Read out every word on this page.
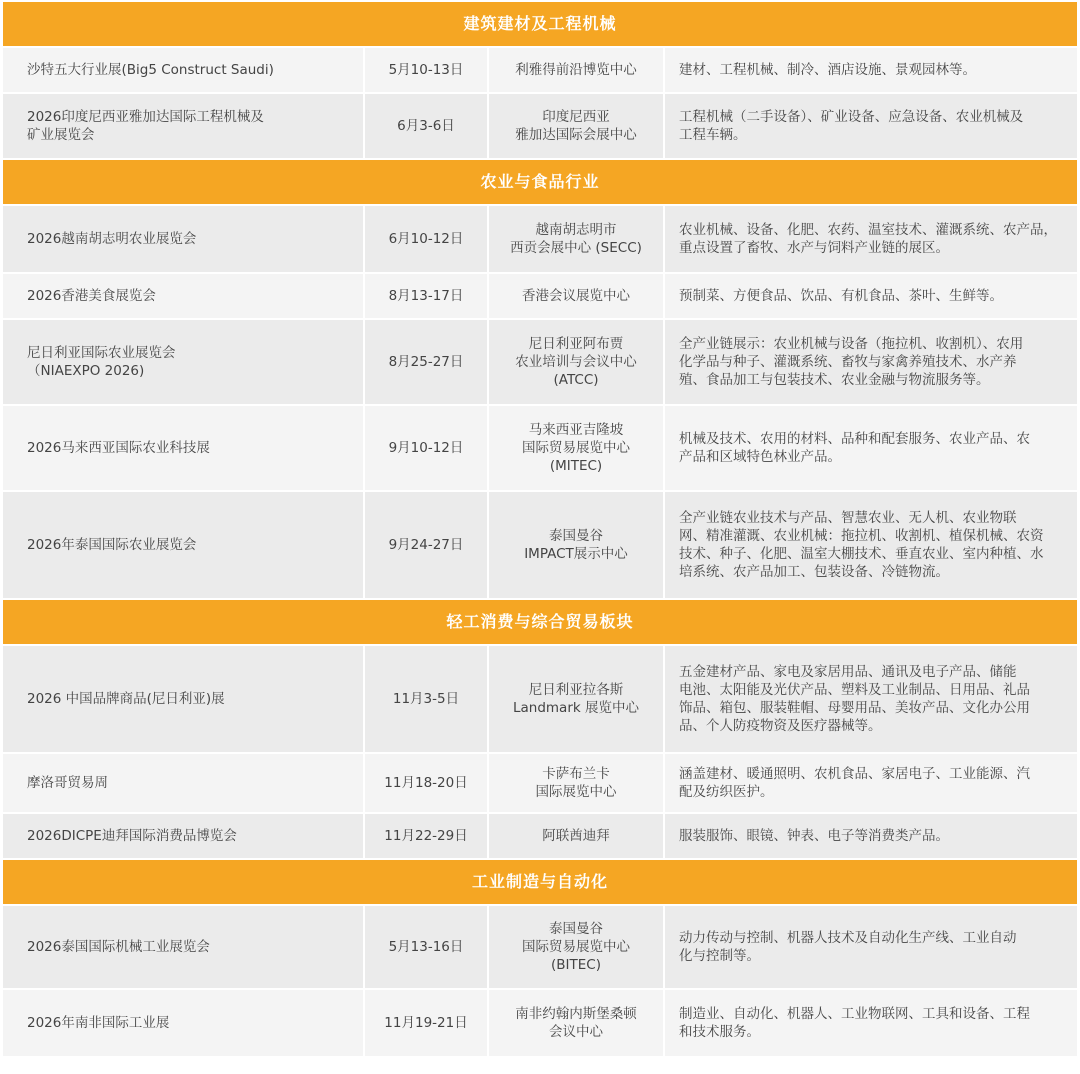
建筑建材及工程机械			

沙特五大行业展(Big5 Construct Saudi)	5月10-13日	利雅得前沿博览中心	建材、工程机械、制冷、酒店设施、景观园林等。

2026印度尼西亚雅加达国际工程机械及
矿业展览会	6月3-6日	印度尼西亚
雅加达国际会展中心	工程机械（二手设备）、矿业设备、应急设备、农业机械及
工程车辆。

农业与食品行业			

2026越南胡志明农业展览会	6月10-12日	越南胡志明市
西贡会展中心 (SECC)	农业机械、设备、化肥、农药、温室技术、灌溉系统、农产品，
重点设置了畜牧、水产与饲料产业链的展区。

2026香港美食展览会	8月13-17日	香港会议展览中心	预制菜、方便食品、饮品、有机食品、茶叶、生鲜等。

尼日利亚国际农业展览会
（NIAEXPO 2026)	8月25-27日	尼日利亚阿布贾
农业培训与会议中心
(ATCC)	全产业链展示：农业机械与设备（拖拉机、收割机）、农用
化学品与种子、灌溉系统、畜牧与家禽养殖技术、水产养
殖、食品加工与包装技术、农业金融与物流服务等。

2026马来西亚国际农业科技展	9月10-12日	马来西亚吉隆坡
国际贸易展览中心
(MITEC)	机械及技术、农用的材料、品种和配套服务、农业产品、农
产品和区域特色林业产品。

2026年泰国国际农业展览会	9月24-27日	泰国曼谷
IMPACT展示中心	全产业链农业技术与产品、智慧农业、无人机、农业物联
网、精准灌溉、农业机械：拖拉机、收割机、植保机械、农资
技术、种子、化肥、温室大棚技术、垂直农业、室内种植、水
培系统、农产品加工、包装设备、冷链物流。

轻工消费与综合贸易板块			

2026 中国品牌商品(尼日利亚)展	11月3-5日	尼日利亚拉各斯
Landmark 展览中心	五金建材产品、家电及家居用品、通讯及电子产品、储能
电池、太阳能及光伏产品、塑料及工业制品、日用品、礼品
饰品、箱包、服装鞋帽、母婴用品、美妆产品、文化办公用
品、个人防疫物资及医疗器械等。

摩洛哥贸易周	11月18-20日	卡萨布兰卡
国际展览中心	涵盖建材、暖通照明、农机食品、家居电子、工业能源、汽
配及纺织医护。

2026DICPE迪拜国际消费品博览会	11月22-29日	阿联酋迪拜	服装服饰、眼镜、钟表、电子等消费类产品。

工业制造与自动化			

2026泰国国际机械工业展览会	5月13-16日	泰国曼谷
国际贸易展览中心
(BITEC)	动力传动与控制、机器人技术及自动化生产线、工业自动
化与控制等。

2026年南非国际工业展	11月19-21日	南非约翰内斯堡桑顿
会议中心	制造业、自动化、机器人、工业物联网、工具和设备、工程
和技术服务。
